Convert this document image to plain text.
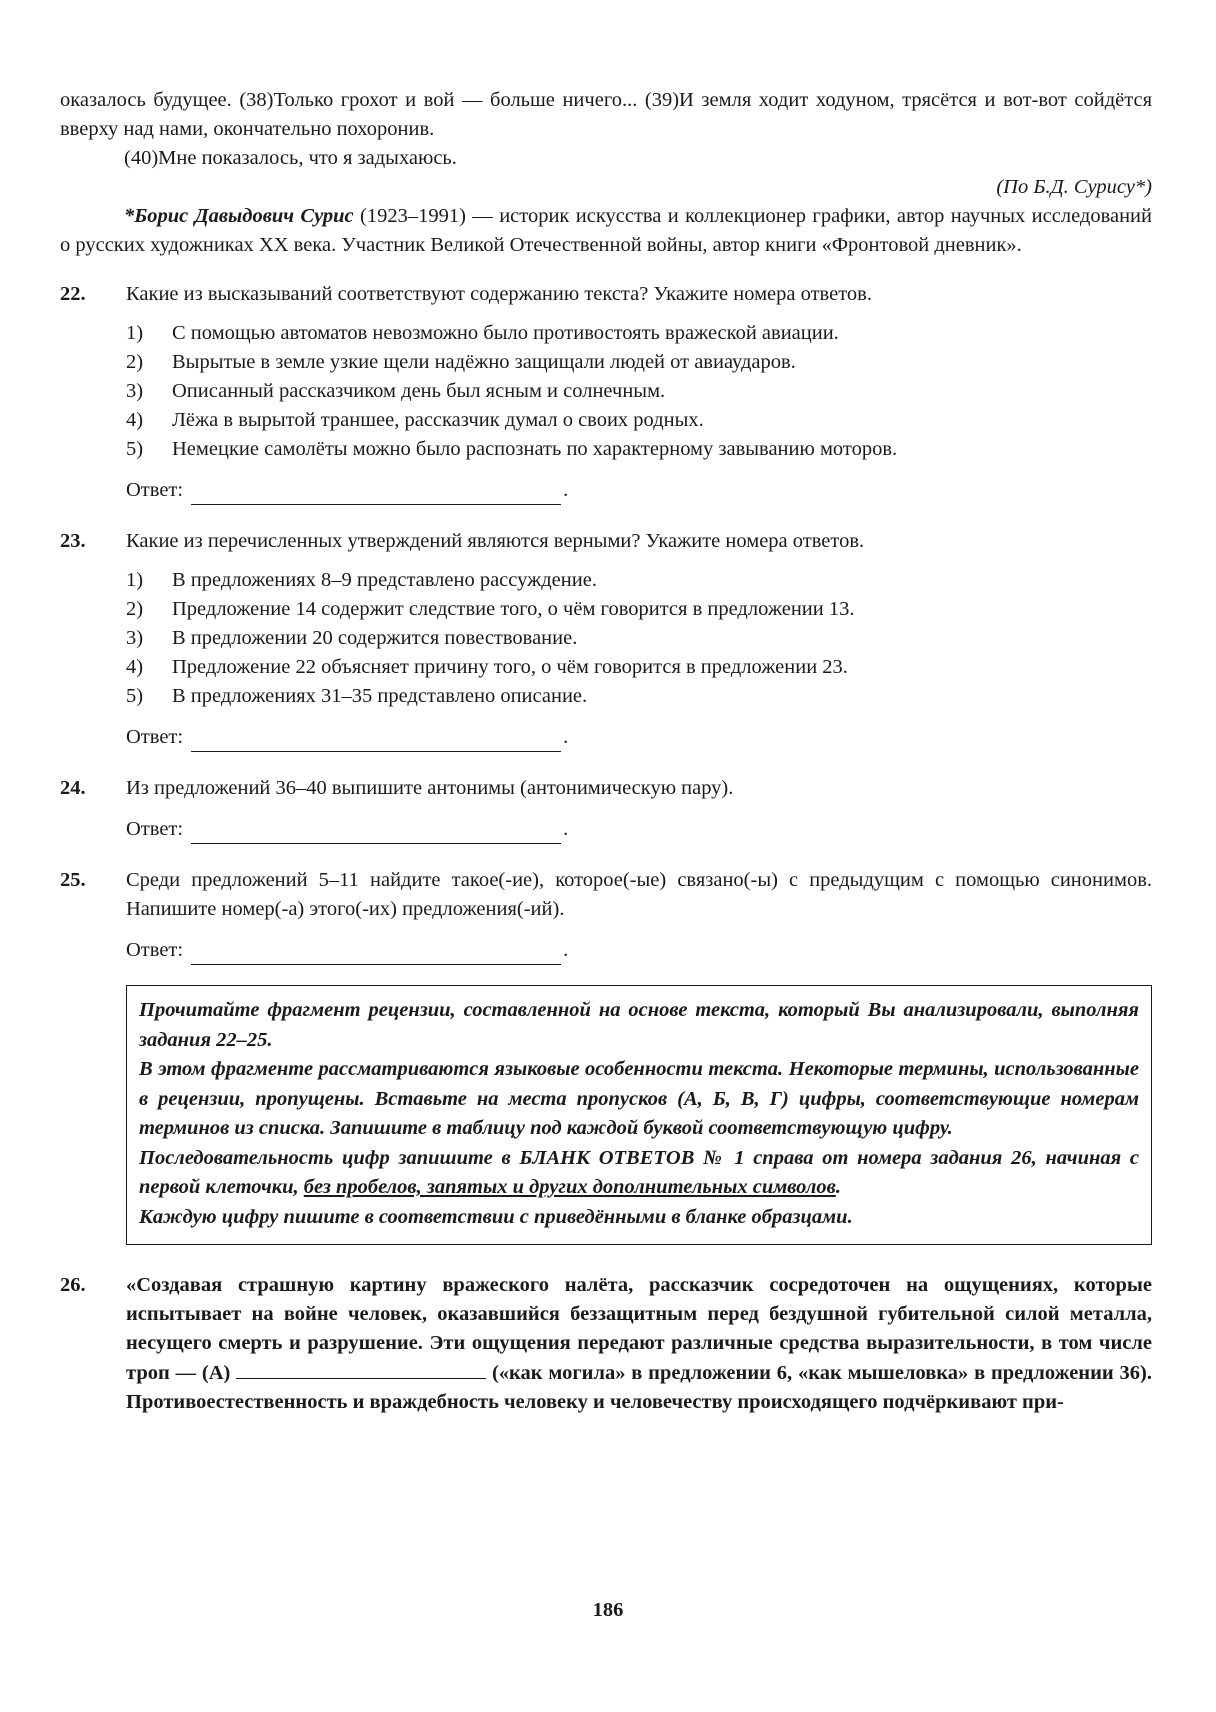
оказалось будущее. (38)Только грохот и вой — больше ничего... (39)И земля ходит ходуном, трясётся и вот-вот сойдётся вверху над нами, окончательно похоронив.

(40)Мне показалось, что я задыхаюсь.

(По Б.Д. Сурису*)

*Борис Давыдович Сурис (1923–1991) — историк искусства и коллекционер графики, автор научных исследований о русских художниках XX века. Участник Великой Отечественной войны, автор книги «Фронтовой дневник».

22.	Какие из высказываний соответствуют содержанию текста? Укажите номера ответов.

1)	С помощью автоматов невозможно было противостоять вражеской авиации.
2)	Вырытые в земле узкие щели надёжно защищали людей от авиаударов.
3)	Описанный рассказчиком день был ясным и солнечным.
4)	Лёжа в вырытой траншее, рассказчик думал о своих родных.
5)	Немецкие самолёты можно было распознать по характерному завыванию моторов.
Ответ:	.
23.	Какие из перечисленных утверждений являются верными? Укажите номера ответов.

1)	В предложениях 8–9 представлено рассуждение.
2)	Предложение 14 содержит следствие того, о чём говорится в предложении 13.
3)	В предложении 20 содержится повествование.
4)	Предложение 22 объясняет причину того, о чём говорится в предложении 23.
5)	В предложениях 31–35 представлено описание.
Ответ:	.
24.	Из предложений 36–40 выпишите антонимы (антонимическую пару).

Ответ:	.
25.	Среди предложений 5–11 найдите такое(-ие), которое(-ые) связано(-ы) с предыдущим с помощью синонимов. Напишите номер(-а) этого(-их) предложения(-ий).

Ответ:	.

Прочитайте фрагмент рецензии, составленной на основе текста, который Вы анализировали, выполняя задания 22–25.

В этом фрагменте рассматриваются языковые особенности текста. Некоторые термины, использованные в рецензии, пропущены. Вставьте на места пропусков (А, Б, В, Г) цифры, соответствующие номерам терминов из списка. Запишите в таблицу под каждой буквой соответствующую цифру.

Последовательность цифр запишите в БЛАНК ОТВЕТОВ № 1 справа от номера задания 26, начиная с первой клеточки, без пробелов, запятых и других дополнительных символов.

Каждую цифру пишите в соответствии с приведёнными в бланке образцами.

26.	«Создавая страшную картину вражеского налёта, рассказчик сосредоточен на ощущениях, которые испытывает на войне человек, оказавшийся беззащитным перед бездушной губительной силой металла, несущего смерть и разрушение. Эти ощущения передают различные средства выразительности, в том числе троп — (А)	(«как могила» в предложении 6, «как мышеловка» в предложении 36). Противоестественность и враждебность человеку и человечеству происходящего подчёркивают при-

186
